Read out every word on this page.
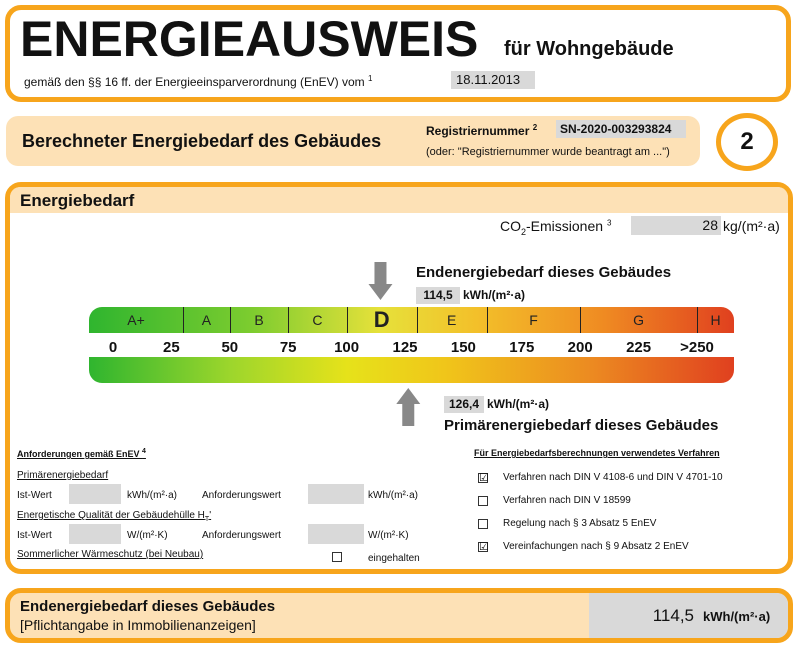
ENERGIEAUSWEIS für Wohngebäude
gemäß den §§ 16 ff. der Energieeinsparverordnung (EnEV) vom $^1$	18.11.2013
Berechneter Energiebedarf des Gebäudes	Registriernummer $^2$	SN-2020-003293824
(oder: "Registriernummer wurde beantragt am ...")	2
Energiebedarf
$CO_2$-Emissionen $^3$	28 kg/(m²·a)
Endenergiebedarf dieses Gebäudes
114,5 kWh/(m²·a)
A+	A	B	C	D	E	F	G	H
126,4 kWh/(m²·a)
Primärenergiebedarf dieses Gebäudes
Anforderungen gemäß EnEV $^4$
Primärenergiebedarf
Ist-Wert	kWh/(m²·a)	Anforderungswert	kWh/(m²·a)
Energetische Qualität der Gebäudehülle $H_T'$
Ist-Wert	W/(m²·K)	Anforderungswert	W/(m²·K)
Sommerlicher Wärmeschutz (bei Neubau)	eingehalten
Für Energiebedarfsberechnungen verwendetes Verfahren
☑ Verfahren nach DIN V 4108-6 und DIN V 4701-10
Verfahren nach DIN V 18599
Regelung nach § 3 Absatz 5 EnEV
☑ Vereinfachungen nach § 9 Absatz 2 EnEV
Endenergiebedarf dieses Gebäudes
[Pflichtangabe in Immobilienanzeigen]	114,5 kWh/(m²·a)
0	25	50	75	100	125	150	175	200	225	>250
